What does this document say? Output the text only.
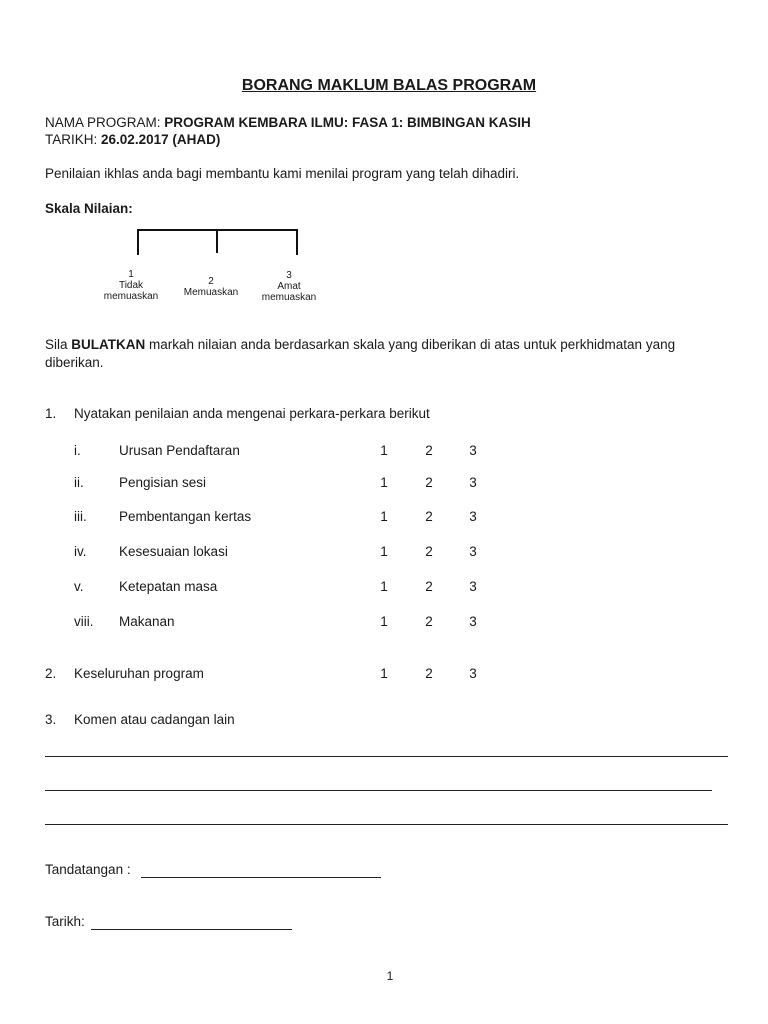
BORANG MAKLUM BALAS PROGRAM
NAMA PROGRAM: PROGRAM KEMBARA ILMU: FASA 1: BIMBINGAN KASIH
TARIKH: 26.02.2017 (AHAD)
Penilaian ikhlas anda bagi membantu kami menilai program yang telah dihadiri.
Skala Nilaian:
1
Tidak
memuaskan
2
Memuaskan
3
Amat
memuaskan
Sila BULATKAN markah nilaian anda berdasarkan skala yang diberikan di atas untuk perkhidmatan yang
diberikan.
1. Nyatakan penilaian anda mengenai perkara-perkara berikut
i.	Urusan Pendaftaran	1	2	3
ii.	Pengisian sesi	1	2	3
iii. Pembentangan kertas	1	2	3
iv. Kesesuaian lokasi	1	2	3
v.	Ketepatan masa	1	2	3
viii. Makanan	1	2	3
2. Keseluruhan program	1	2	3
3. Komen atau cadangan lain
Tandatangan :
Tarikh:
1
